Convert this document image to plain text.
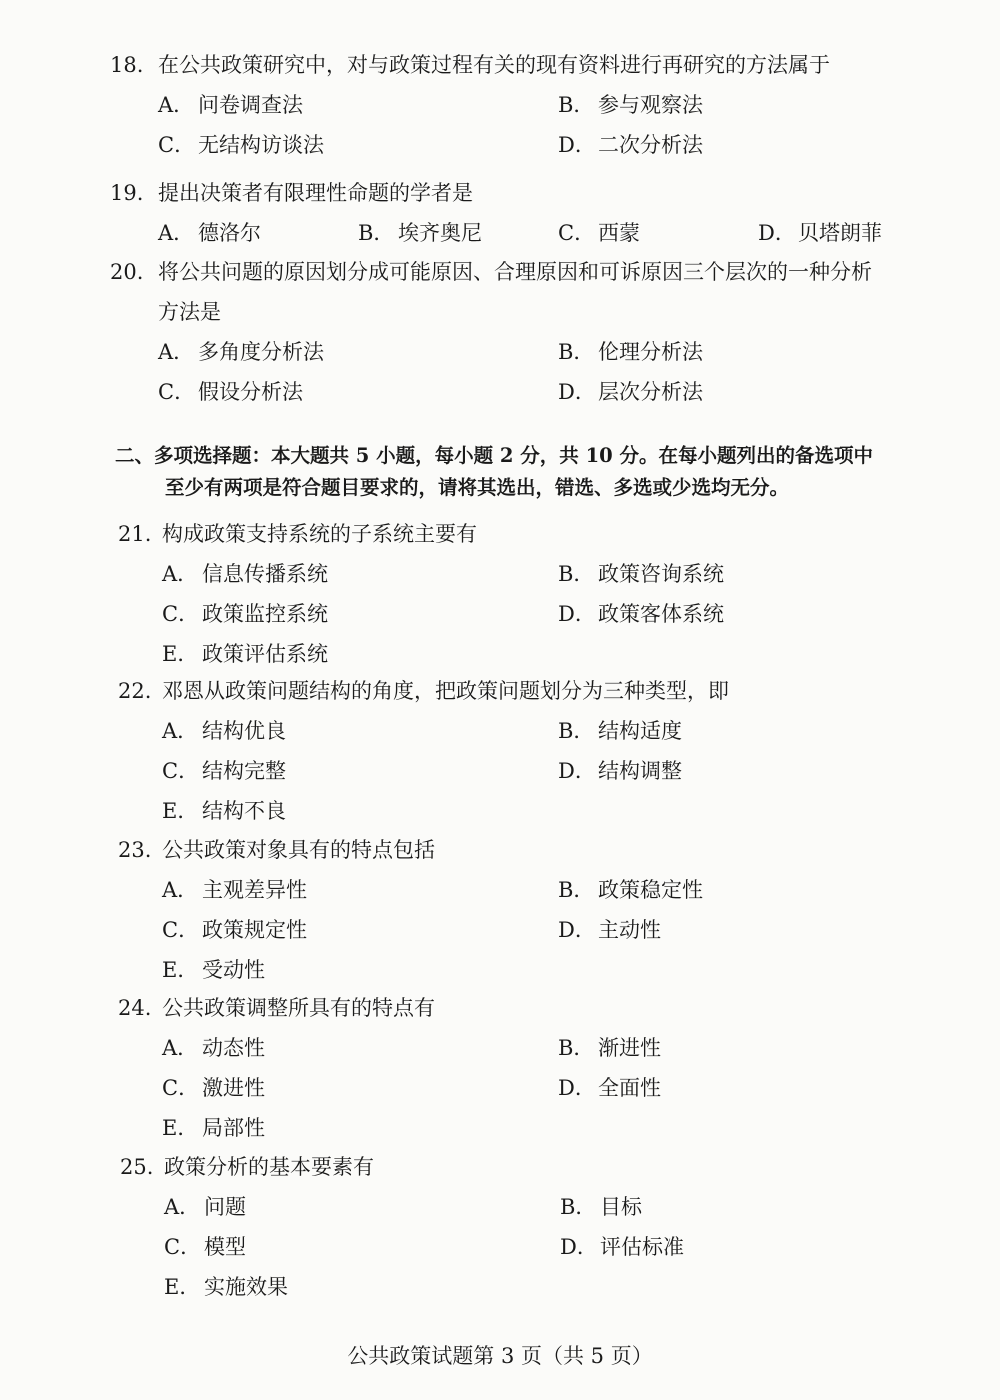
18. 在公共政策研究中，对与政策过程有关的现有资料进行再研究的方法属于
A． 问卷调查法	B． 参与观察法
C． 无结构访谈法	D． 二次分析法
19. 提出决策者有限理性命题的学者是
A． 德洛尔	B． 埃齐奥尼	C． 西蒙	D． 贝塔朗菲
20. 将公共问题的原因划分成可能原因、合理原因和可诉原因三个层次的一种分析
方法是
A． 多角度分析法	B． 伦理分析法
C． 假设分析法	D． 层次分析法
二、多项选择题：本大题共 5 小题，每小题 2 分，共 10 分。在每小题列出的备选项中
至少有两项是符合题目要求的，请将其选出，错选、多选或少选均无分。
21. 构成政策支持系统的子系统主要有
A． 信息传播系统	B． 政策咨询系统
C． 政策监控系统	D． 政策客体系统
E． 政策评估系统
22. 邓恩从政策问题结构的角度，把政策问题划分为三种类型，即
A． 结构优良	B． 结构适度
C． 结构完整	D． 结构调整
E． 结构不良
23. 公共政策对象具有的特点包括
A． 主观差异性	B． 政策稳定性
C． 政策规定性	D． 主动性
E． 受动性
24. 公共政策调整所具有的特点有
A． 动态性	B． 渐进性
C． 激进性	D． 全面性
E． 局部性
25. 政策分析的基本要素有
A． 问题	B． 目标
C． 模型	D． 评估标准
E． 实施效果
公共政策试题第 3 页（共 5 页）
